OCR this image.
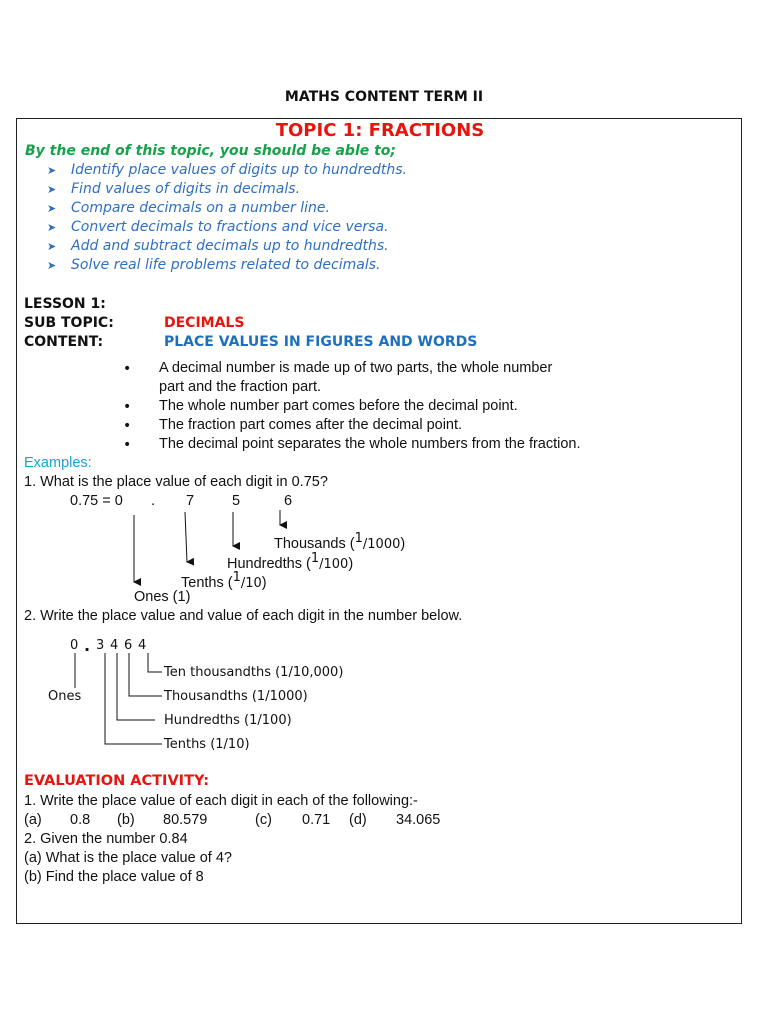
MATHS CONTENT TERM II
TOPIC 1: FRACTIONS
By the end of this topic, you should be able to;
➤ Identify place values of digits up to hundredths.
➤ Find values of digits in decimals.
➤ Compare decimals on a number line.
➤ Convert decimals to fractions and vice versa.
➤ Add and subtract decimals up to hundredths.
➤ Solve real life problems related to decimals.
LESSON 1:
SUB TOPIC:	DECIMALS
CONTENT:	PLACE VALUES IN FIGURES AND WORDS
• A decimal number is made up of two parts, the whole number
part and the fraction part.
• The whole number part comes before the decimal point.
• The fraction part comes after the decimal point.
• The decimal point separates the whole numbers from the fraction.
Examples:
1. What is the place value of each digit in 0.75?
0.75 = 0 . 7	5	6
Thousands ($^1$/1000)
Hundredths ($^1$/100)
Tenths ($^1$/10)
Ones (1)
2. Write the place value and value of each digit in the number below.
0 . 3 4 6 4
Ones
Ten thousandths (1/10,000)
Thousandths (1/1000)
Hundredths (1/100)
Tenths (1/10)
EVALUATION ACTIVITY:
1. Write the place value of each digit in each of the following:-
(a) 0.8 (b) 80.579	(c) 0.71 (d) 34.065
2. Given the number 0.84
(a) What is the place value of 4?
(b) Find the place value of 8
